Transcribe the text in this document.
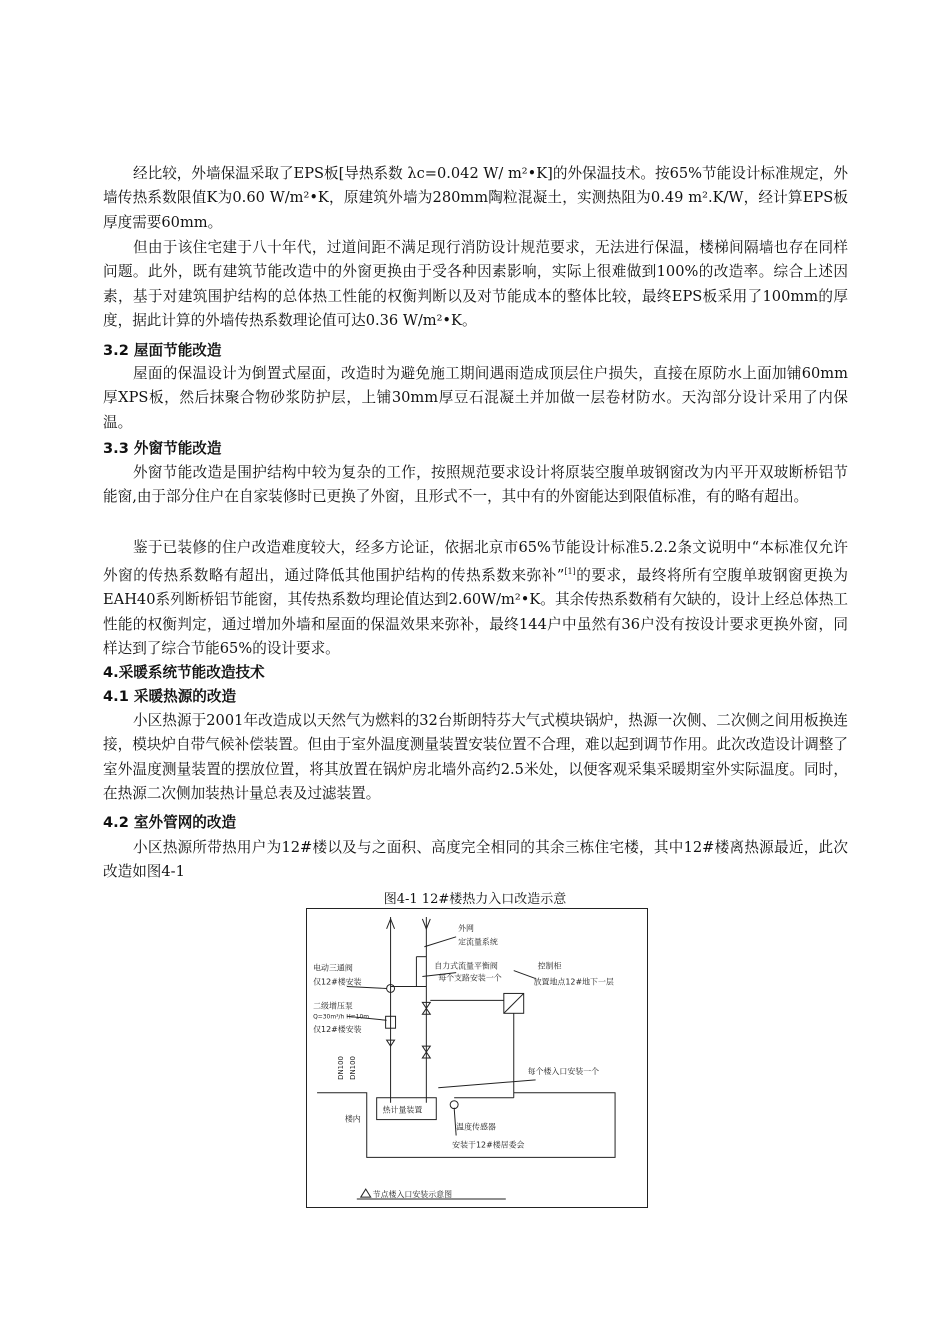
经比较，外墙保温采取了EPS板[导热系数 λc=0.042 W/ m²•K]的外保温技术。按65%节能设计标准规定，外墙传热系数限值K为0.60 W/m²•K，原建筑外墙为280mm陶粒混凝土，实测热阻为0.49 m².K/W，经计算EPS板厚度需要60mm。

但由于该住宅建于八十年代，过道间距不满足现行消防设计规范要求，无法进行保温，楼梯间隔墙也存在同样问题。此外，既有建筑节能改造中的外窗更换由于受各种因素影响，实际上很难做到100%的改造率。综合上述因素，基于对建筑围护结构的总体热工性能的权衡判断以及对节能成本的整体比较，最终EPS板采用了100mm的厚度，据此计算的外墙传热系数理论值可达0.36 W/m²•K。

3.2 屋面节能改造

屋面的保温设计为倒置式屋面，改造时为避免施工期间遇雨造成顶层住户损失，直接在原防水上面加铺60mm厚XPS板，然后抹聚合物砂浆防护层，上铺30mm厚豆石混凝土并加做一层卷材防水。天沟部分设计采用了内保温。

3.3 外窗节能改造

外窗节能改造是围护结构中较为复杂的工作，按照规范要求设计将原装空腹单玻钢窗改为内平开双玻断桥铝节能窗,由于部分住户在自家装修时已更换了外窗，且形式不一，其中有的外窗能达到限值标准，有的略有超出。

鉴于已装修的住户改造难度较大，经多方论证，依据北京市65%节能设计标准5.2.2条文说明中“本标准仅允许外窗的传热系数略有超出，通过降低其他围护结构的传热系数来弥补”[1]的要求，最终将所有空腹单玻钢窗更换为EAH40系列断桥铝节能窗，其传热系数均理论值达到2.60W/m²•K。其余传热系数稍有欠缺的，设计上经总体热工性能的权衡判定，通过增加外墙和屋面的保温效果来弥补，最终144户中虽然有36户没有按设计要求更换外窗，同样达到了综合节能65%的设计要求。

4.采暖系统节能改造技术

4.1 采暖热源的改造

小区热源于2001年改造成以天然气为燃料的32台斯朗特芬大气式模块锅炉，热源一次侧、二次侧之间用板换连接，模块炉自带气候补偿装置。但由于室外温度测量装置安装位置不合理，难以起到调节作用。此次改造设计调整了室外温度测量装置的摆放位置，将其放置在锅炉房北墙外高约2.5米处，以便客观采集采暖期室外实际温度。同时，在热源二次侧加装热计量总表及过滤装置。

4.2 室外管网的改造

小区热源所带热用户为12#楼以及与之面积、高度完全相同的其余三栋住宅楼，其中12#楼离热源最近，此次改造如图4-1

图4-1 12#楼热力入口改造示意
外网
定流量系统
电动三通阀
仅12#楼安装
自力式流量平衡阀
每个支路安装一个
控制柜
放置地点12#地下一层
二级增压泵
Q=30m³/h H=10m
仅12#楼安装
DN100 DN100	每个楼入口安装一个
楼内
热计量装置
温度传感器
安装于12#楼居委会
节点楼入口安装示意图
